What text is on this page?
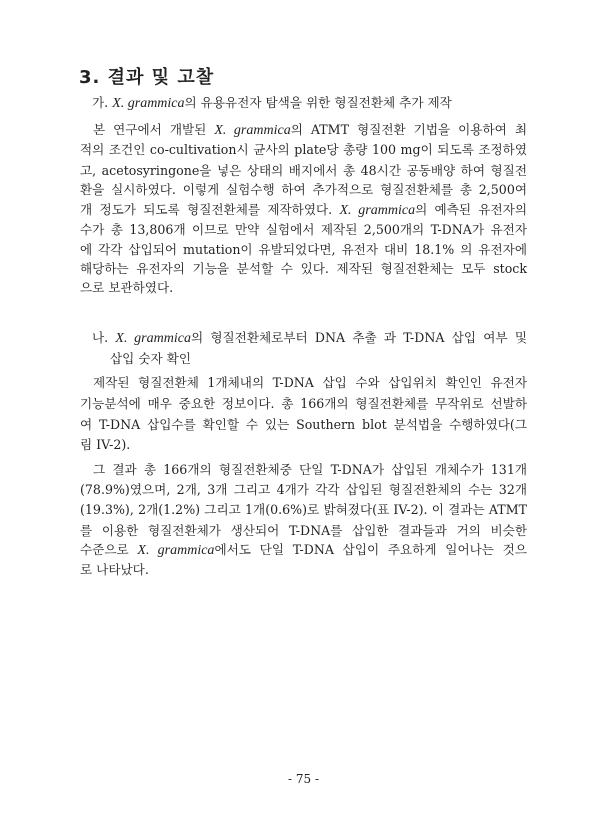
3. 결과 및 고찰
가. X. grammica의 유용유전자 탐색을 위한 형질전환체 추가 제작
본 연구에서 개발된 X. grammica의 ATMT 형질전환 기법을 이용하여 최
적의 조건인 co-cultivation시 균사의 plate당 총량 100 mg이 되도록 조정하였
고, acetosyringone을 넣은 상태의 배지에서 총 48시간 공동배양 하여 형질전
환을 실시하였다. 이렇게 실험수행 하여 추가적으로 형질전환체를 총 2,500여
개 정도가 되도록 형질전환체를 제작하였다. X. grammica의 예측된 유전자의
수가 총 13,806개 이므로 만약 실험에서 제작된 2,500개의 T-DNA가 유전자
에 각각 삽입되어 mutation이 유발되었다면, 유전자 대비 18.1% 의 유전자에
해당하는 유전자의 기능을 분석할 수 있다. 제작된 형질전환체는 모두 stock
으로 보관하였다.
나. X. grammica의 형질전환체로부터 DNA 추출 과 T-DNA 삽입 여부 및
삽입 숫자 확인
제작된 형질전환체 1개체내의 T-DNA 삽입 수와 삽입위치 확인인 유전자
기능분석에 매우 중요한 정보이다. 총 166개의 형질전환체를 무작위로 선발하
여 T-DNA 삽입수를 확인할 수 있는 Southern blot 분석법을 수행하였다(그
림 IV-2).
그 결과 총 166개의 형질전환체중 단일 T-DNA가 삽입된 개체수가 131개
(78.9%)였으며, 2개, 3개 그리고 4개가 각각 삽입된 형질전환체의 수는 32개
(19.3%), 2개(1.2%) 그리고 1개(0.6%)로 밝혀졌다(표 IV-2). 이 결과는 ATMT
를 이용한 형질전환체가 생산되어 T-DNA를 삽입한 결과들과 거의 비슷한
수준으로 X. grammica에서도 단일 T-DNA 삽입이 주요하게 일어나는 것으
로 나타났다.
- 75 -
